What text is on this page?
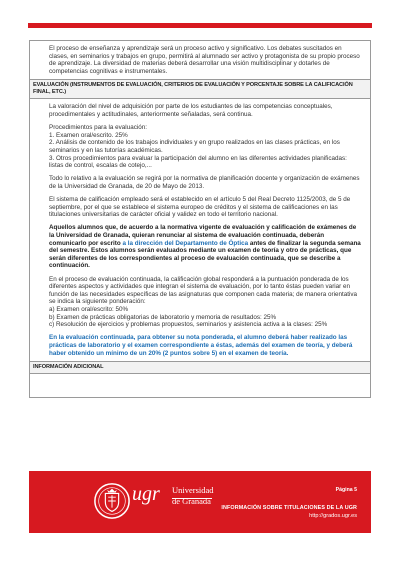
El proceso de enseñanza y aprendizaje será un proceso activo y significativo. Los debates suscitados en clases, en seminarios y trabajos en grupo, permitirá al alumnado ser activo y protagonista de su propio proceso de aprendizaje. La diversidad de materias deberá desarrollar una visión multidisciplinar y dotarles de competencias cognitivas e instrumentales.

EVALUACIÓN (INSTRUMENTOS DE EVALUACIÓN, CRITERIOS DE EVALUACIÓN Y PORCENTAJE SOBRE LA CALIFICACIÓN FINAL, ETC.)

La valoración del nivel de adquisición por parte de los estudiantes de las competencias conceptuales, procedimentales y actitudinales, anteriormente señaladas, será continua.

Procedimientos para la evaluación:
1. Examen oral/escrito. 25%
2. Análisis de contenido de los trabajos individuales y en grupo realizados en las clases prácticas, en los seminarios y en las tutorías académicas.
3. Otros procedimientos para evaluar la participación del alumno en las diferentes actividades planificadas: listas de control, escalas de cotejo,...

Todo lo relativo a la evaluación se regirá por la normativa de planificación docente y organización de exámenes de la Universidad de Granada, de 20 de Mayo de 2013.

El sistema de calificación empleado será el establecido en el artículo 5 del Real Decreto 1125/2003, de 5 de septiembre, por el que se establece el sistema europeo de créditos y el sistema de calificaciones en las titulaciones universitarias de carácter oficial y validez en todo el territorio nacional.

Aquellos alumnos que, de acuerdo a la normativa vigente de evaluación y calificación de exámenes de la Universidad de Granada, quieran renunciar al sistema de evaluación continuada, deberán comunicarlo por escrito a la dirección del Departamento de Óptica antes de finalizar la segunda semana del semestre. Estos alumnos serán evaluados mediante un examen de teoría y otro de prácticas, que serán diferentes de los correspondientes al proceso de evaluación continuada, que se describe a continuación.

En el proceso de evaluación continuada, la calificación global responderá a la puntuación ponderada de los diferentes aspectos y actividades que integran el sistema de evaluación, por lo tanto éstas pueden variar en función de las necesidades específicas de las asignaturas que componen cada materia; de manera orientativa se indica la siguiente ponderación:
a) Examen oral/escrito: 50%
b) Examen de prácticas obligatorias de laboratorio y memoria de resultados: 25%
c) Resolución de ejercicios y problemas propuestos, seminarios y asistencia activa a la clases: 25%

En la evaluación continuada, para obtener su nota ponderada, el alumno deberá haber realizado las prácticas de laboratorio y el examen correspondiente a éstas, además del examen de teoría, y deberá haber obtenido un mínimo de un 20% (2 puntos sobre 5) en el examen de teoría.

INFORMACIÓN ADICIONAL
ugr Universidad
de Granada
Página 5
INFORMACIÓN SOBRE TITULACIONES DE LA UGR
http://grados.ugr.es
